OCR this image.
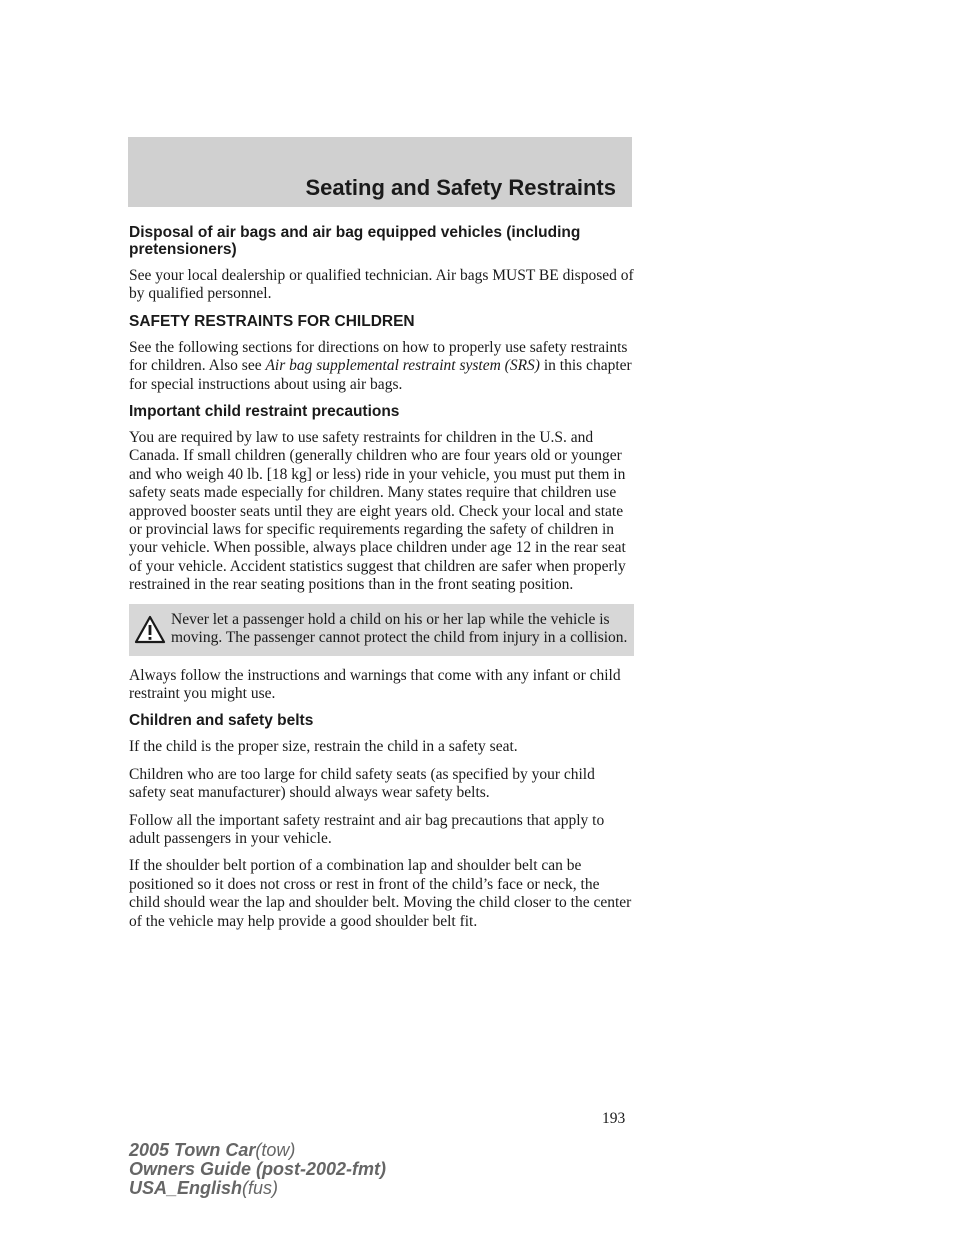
Seating and Safety Restraints
Disposal of air bags and air bag equipped vehicles (including pretensioners)
See your local dealership or qualified technician. Air bags MUST BE disposed of by qualified personnel.
SAFETY RESTRAINTS FOR CHILDREN
See the following sections for directions on how to properly use safety restraints for children. Also see Air bag supplemental restraint system (SRS) in this chapter for special instructions about using air bags.
Important child restraint precautions
You are required by law to use safety restraints for children in the U.S. and Canada. If small children (generally children who are four years old or younger and who weigh 40 lb. [18 kg] or less) ride in your vehicle, you must put them in safety seats made especially for children. Many states require that children use approved booster seats until they are eight years old. Check your local and state or provincial laws for specific requirements regarding the safety of children in your vehicle. When possible, always place children under age 12 in the rear seat of your vehicle. Accident statistics suggest that children are safer when properly restrained in the rear seating positions than in the front seating position.

Never let a passenger hold a child on his or her lap while the vehicle is moving. The passenger cannot protect the child from injury in a collision.

Always follow the instructions and warnings that come with any infant or child restraint you might use.
Children and safety belts
If the child is the proper size, restrain the child in a safety seat.
Children who are too large for child safety seats (as specified by your child safety seat manufacturer) should always wear safety belts.
Follow all the important safety restraint and air bag precautions that apply to adult passengers in your vehicle.
If the shoulder belt portion of a combination lap and shoulder belt can be positioned so it does not cross or rest in front of the child’s face or neck, the child should wear the lap and shoulder belt. Moving the child closer to the center of the vehicle may help provide a good shoulder belt fit.
193
2005 Town Car(tow)
Owners Guide (post-2002-fmt)
USA_English(fus)
